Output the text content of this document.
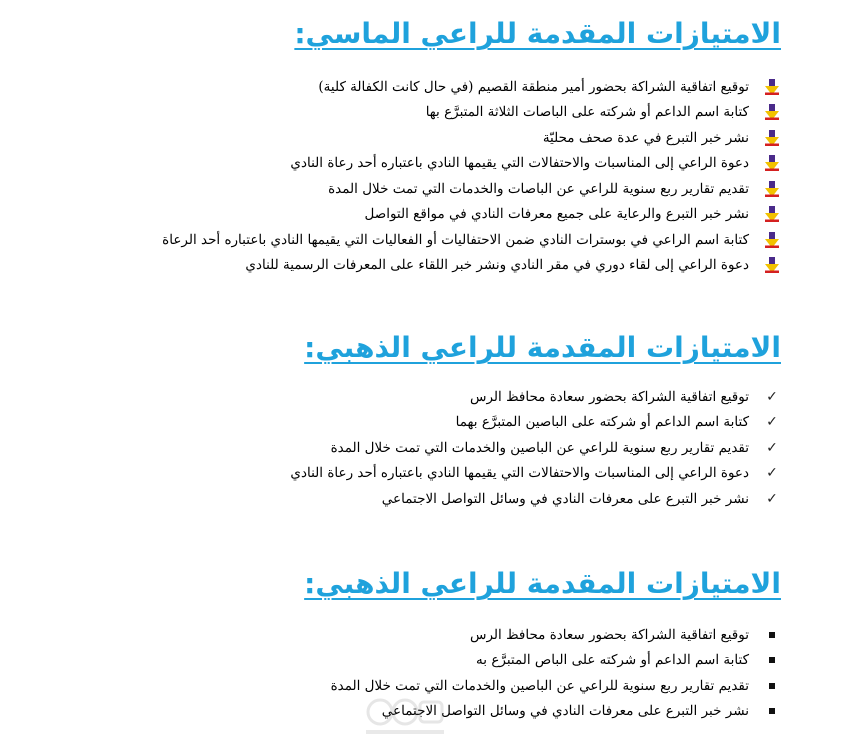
الامتيازات المقدمة للراعي الماسي:
توقيع اتفاقية الشراكة بحضور أمير منطقة القصيم (في حال كانت الكفالة كلية)
كتابة اسم الداعم أو شركته على الباصات الثلاثة المتبرَّع بها
نشر خبر التبرع في عدة صحف محليّة
دعوة الراعي إلى المناسبات والاحتفالات التي يقيمها النادي باعتباره أحد رعاة النادي
تقديم تقارير ربع سنوية للراعي عن الباصات والخدمات التي تمت خلال المدة
نشر خبر التبرع والرعاية على جميع معرفات النادي في مواقع التواصل
كتابة اسم الراعي في بوسترات النادي ضمن الاحتفاليات أو الفعاليات التي يقيمها النادي باعتباره أحد الرعاة
دعوة الراعي إلى لقاء دوري في مقر النادي ونشر خبر اللقاء على المعرفات الرسمية للنادي
الامتيازات المقدمة للراعي الذهبي:
✓
توقيع اتفاقية الشراكة بحضور سعادة محافظ الرس
✓
كتابة اسم الداعم أو شركته على الباصين المتبرَّع بهما
✓
تقديم تقارير ربع سنوية للراعي عن الباصين والخدمات التي تمت خلال المدة
✓
دعوة الراعي إلى المناسبات والاحتفالات التي يقيمها النادي باعتباره أحد رعاة النادي
✓
نشر خبر التبرع على معرفات النادي في وسائل التواصل الاجتماعي
الامتيازات المقدمة للراعي الذهبي:
توقيع اتفاقية الشراكة بحضور سعادة محافظ الرس
كتابة اسم الداعم أو شركته على الباص المتبرَّع به
تقديم تقارير ربع سنوية للراعي عن الباصين والخدمات التي تمت خلال المدة
نشر خبر التبرع على معرفات النادي في وسائل التواصل الاجتماعي
